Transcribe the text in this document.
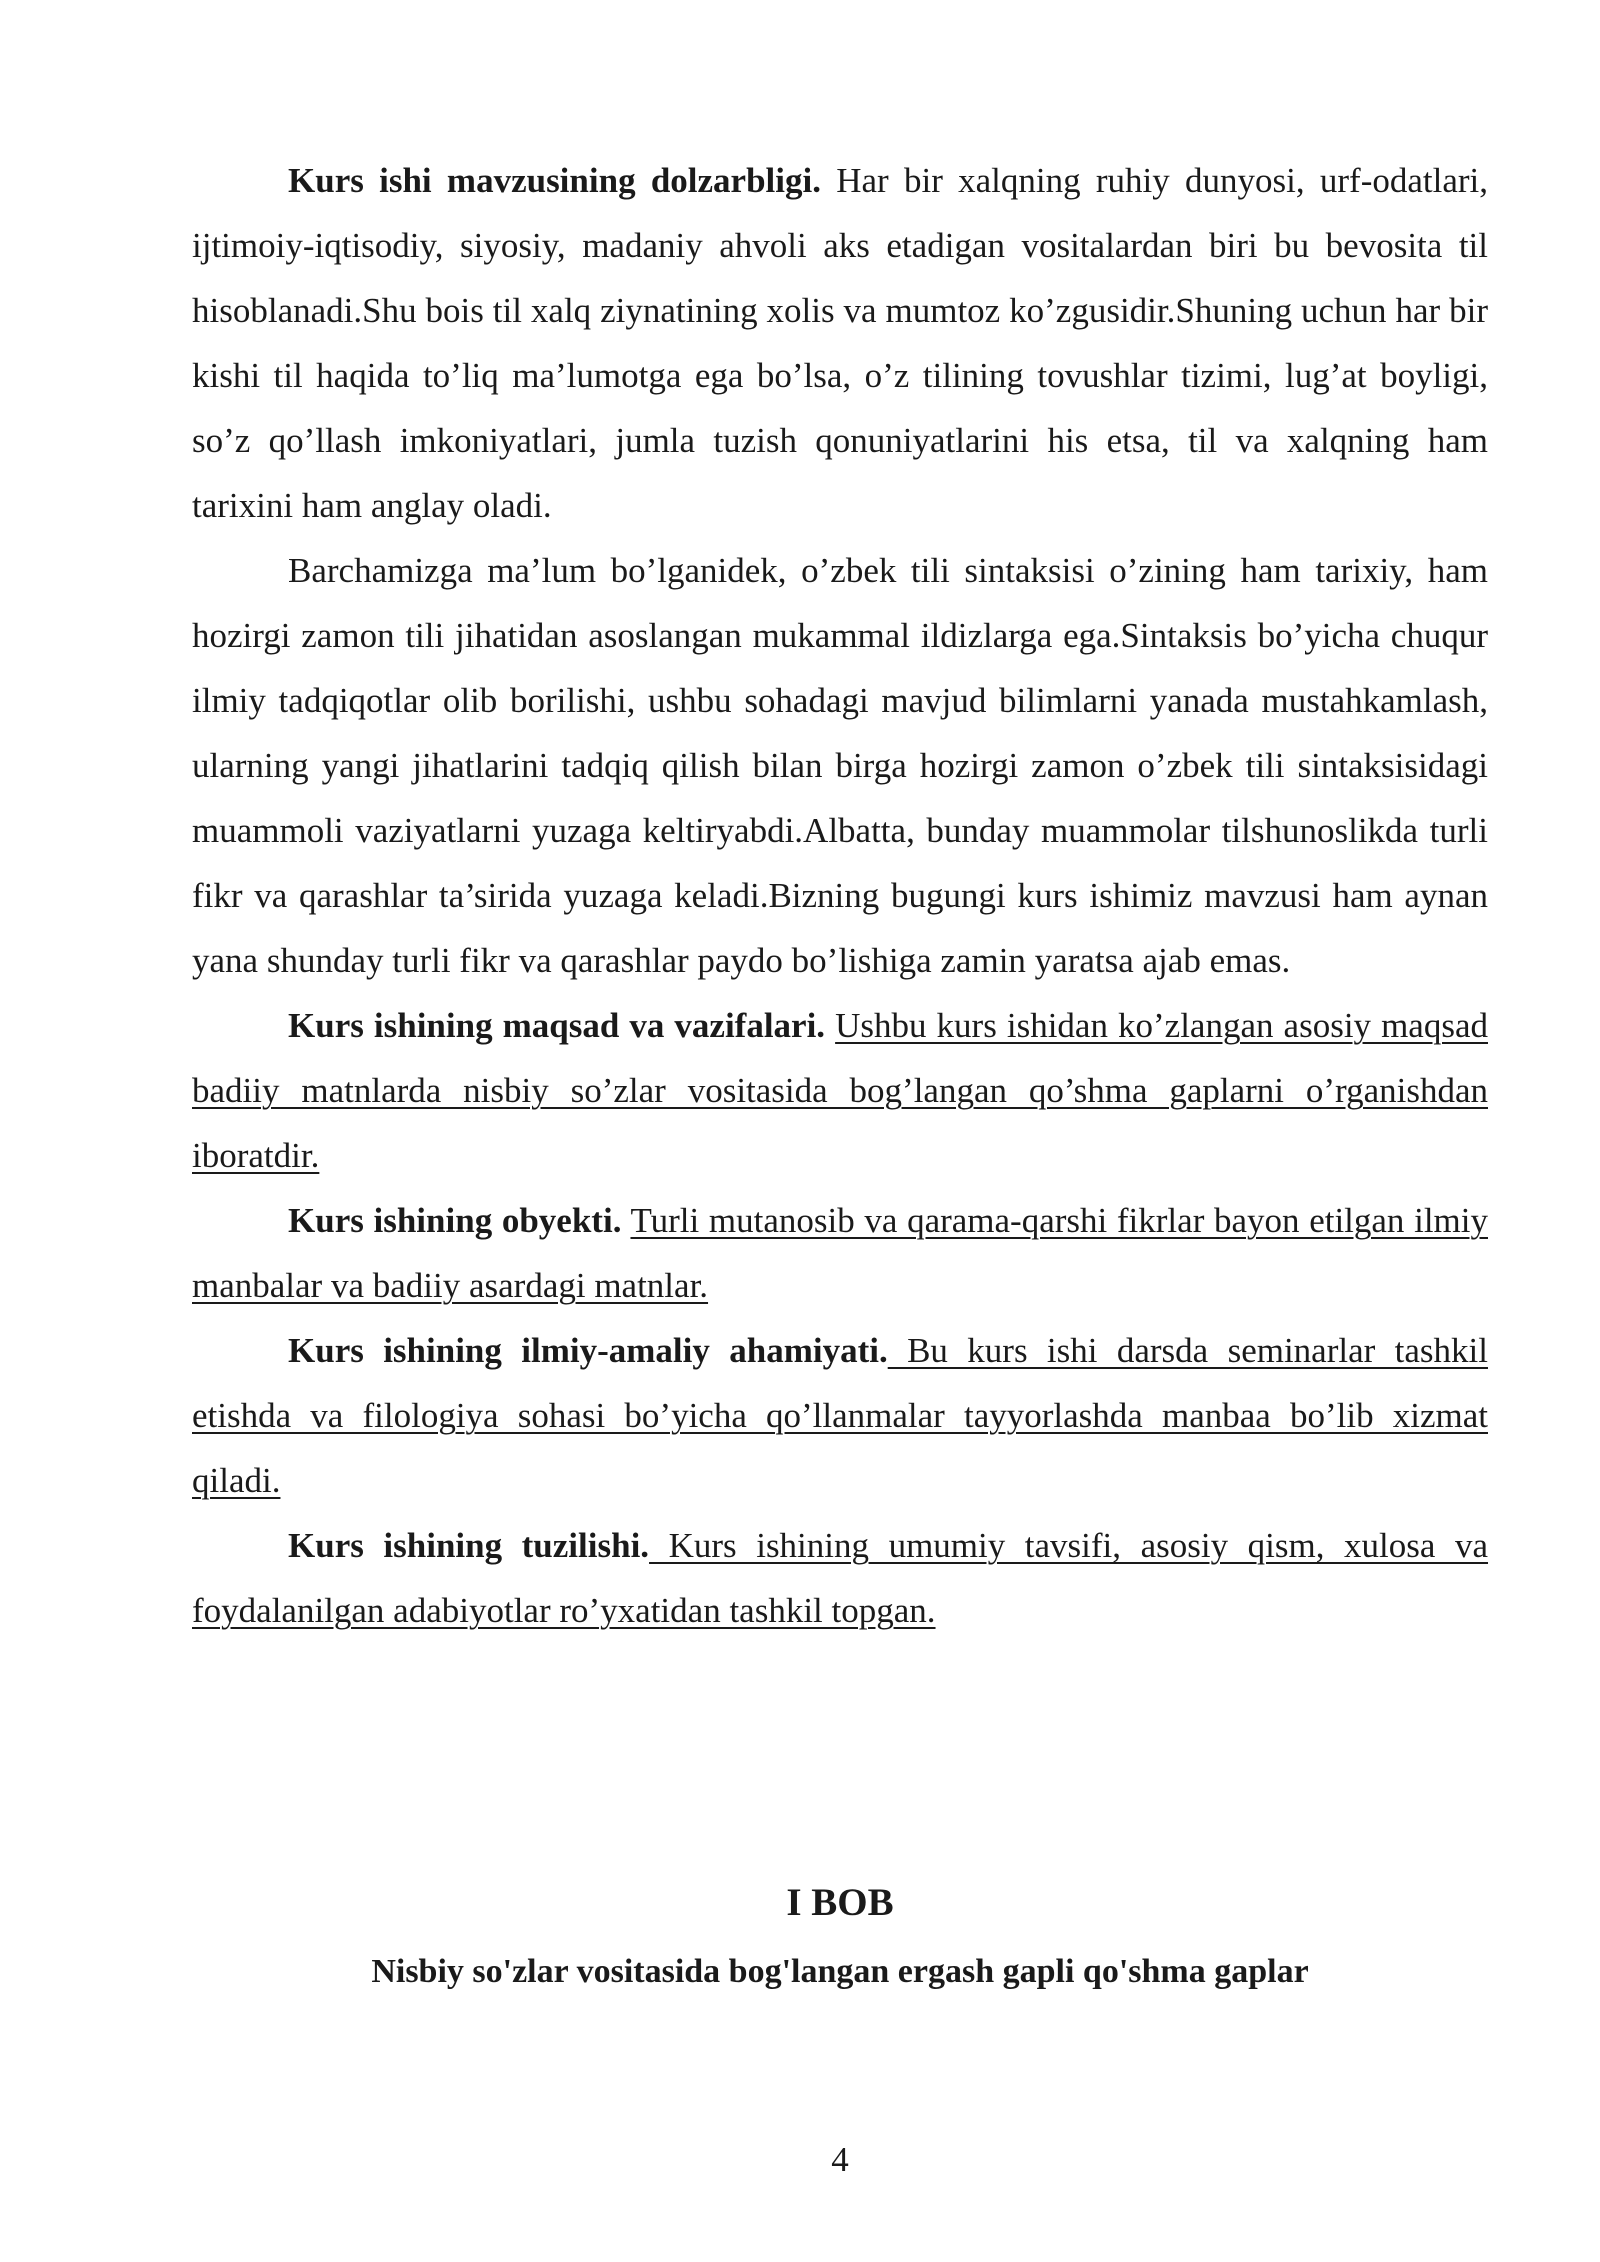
Kurs ishi mavzusining dolzarbligi. Har bir xalqning ruhiy dunyosi, urf-odatlari, ijtimoiy-iqtisodiy, siyosiy, madaniy ahvoli aks etadigan vositalardan biri bu bevosita til hisoblanadi.Shu bois til xalq ziynatining xolis va mumtoz ko’zgusidir.Shuning uchun har bir kishi til haqida to’liq ma’lumotga ega bo’lsa, o’z tilining tovushlar tizimi, lug’at boyligi, so’z qo’llash imkoniyatlari, jumla tuzish qonuniyatlarini his etsa, til va xalqning ham tarixini ham anglay oladi.

Barchamizga ma’lum bo’lganidek, o’zbek tili sintaksisi o’zining ham tarixiy, ham hozirgi zamon tili jihatidan asoslangan mukammal ildizlarga ega.Sintaksis bo’yicha chuqur ilmiy tadqiqotlar olib borilishi, ushbu sohadagi mavjud bilimlarni yanada mustahkamlash, ularning yangi jihatlarini tadqiq qilish bilan birga hozirgi zamon o’zbek tili sintaksisidagi muammoli vaziyatlarni yuzaga keltiryabdi.Albatta, bunday muammolar tilshunoslikda turli fikr va qarashlar ta’sirida yuzaga keladi.Bizning bugungi kurs ishimiz mavzusi ham aynan yana shunday turli fikr va qarashlar paydo bo’lishiga zamin yaratsa ajab emas.

Kurs ishining maqsad va vazifalari. Ushbu kurs ishidan ko’zlangan asosiy maqsad badiiy matnlarda nisbiy so’zlar vositasida bog’langan qo’shma gaplarni o’rganishdan iboratdir.

Kurs ishining obyekti. Turli mutanosib va qarama-qarshi fikrlar bayon etilgan ilmiy manbalar va badiiy asardagi matnlar.

Kurs ishining ilmiy-amaliy ahamiyati. Bu kurs ishi darsda seminarlar tashkil etishda va filologiya sohasi bo’yicha qo’llanmalar tayyorlashda manbaa bo’lib xizmat qiladi.

Kurs ishining tuzilishi. Kurs ishining umumiy tavsifi, asosiy qism, xulosa va foydalanilgan adabiyotlar ro’yxatidan tashkil topgan.

I BOB
Nisbiy so'zlar vositasida bog'langan ergash gapli qo'shma gaplar
4
